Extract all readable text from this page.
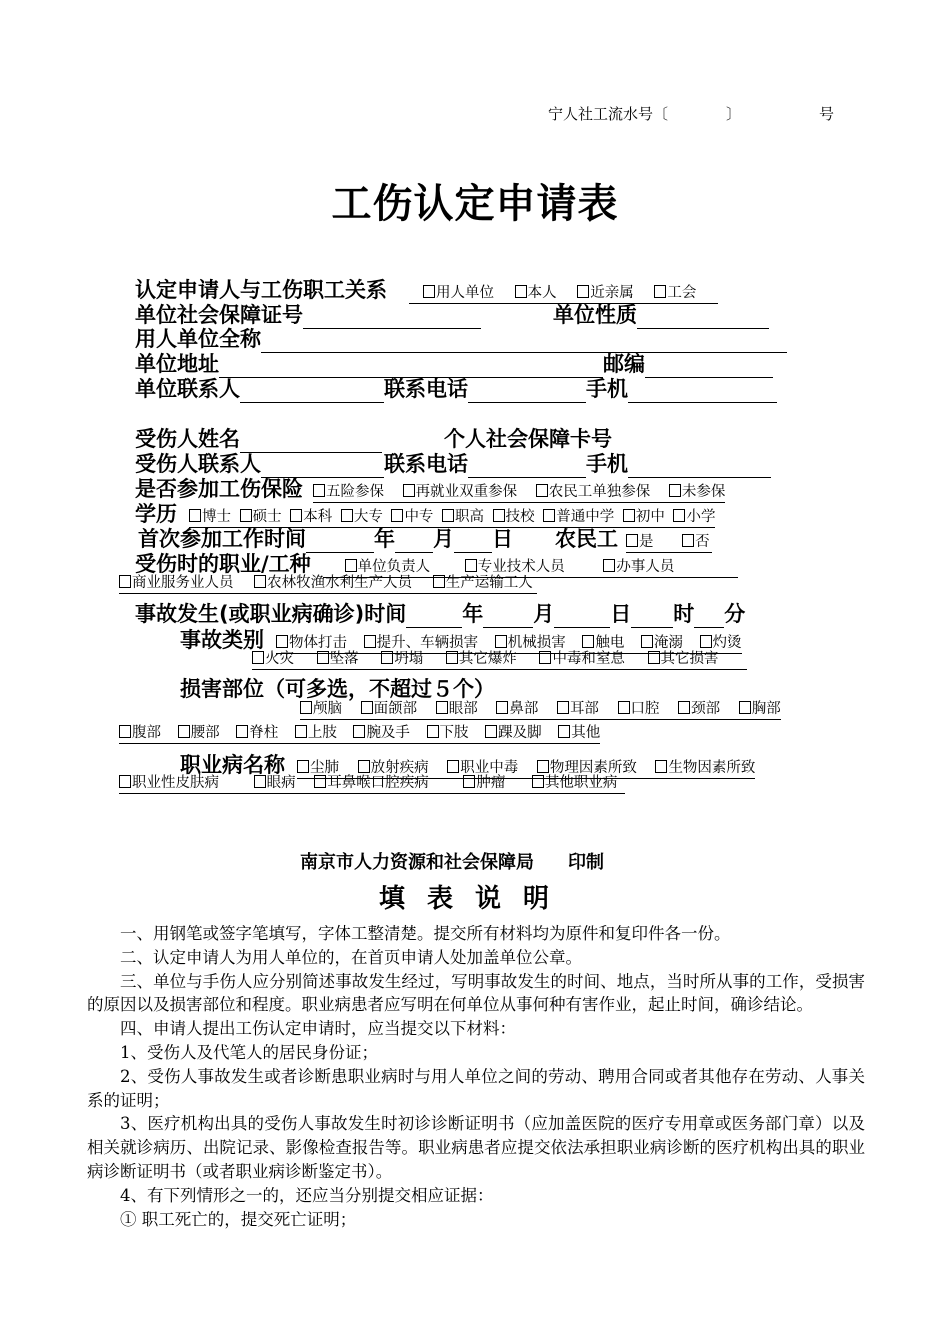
宁人社工流水号〔	〕	号
工伤认定申请表
认定申请人与工伤职工关系	用人单位 本人 近亲属 工会
单位社会保障证号	单位性质
用人单位全称
单位地址	邮编
单位联系人	联系电话	手机
受伤人姓名	个人社会保障卡号
受伤人联系人	联系电话	手机
是否参加工伤保险	五险参保 再就业双重参保 农民工单独参保 未参保
学历	博士 硕士 本科 大专 中专 职高 技校 普通中学 初中 小学
首次参加工作时间	年 月 日 农民工	是	否
受伤时的职业/工种	单位负责人	专业技术人员	办事人员
商业服务业人员 农林牧渔水利生产人员 生产运输工人
事故发生(或职业病确诊)时间	年 月	日 时 分
事故类别	物体打击 提升、车辆损害 机械损害 触电 淹溺 灼烫
火灾 坠落 坍塌 其它爆炸 中毒和窒息 其它损害
损害部位（可多选，不超过５个）
颅脑 面颌部 眼部 鼻部 耳部 口腔 颈部 胸部
腹部 腰部 脊柱 上肢 腕及手 下肢 踝及脚 其他
职业病名称	尘肺 放射疾病 职业中毒 物理因素所致 生物因素所致
职业性皮肤病	眼病 耳鼻喉口腔疾病	肿瘤	其他职业病
南京市人力资源和社会保障局 印制
填表说明

一、用钢笔或签字笔填写，字体工整清楚。提交所有材料均为原件和复印件各一份。

二、认定申请人为用人单位的，在首页申请人处加盖单位公章。

三、单位与手伤人应分别简述事故发生经过，写明事故发生的时间、地点，当时所从事的工作，受损害的原因以及损害部位和程度。职业病患者应写明在何单位从事何种有害作业，起止时间，确诊结论。

四、申请人提出工伤认定申请时，应当提交以下材料：

1、受伤人及代笔人的居民身份证；

2、受伤人事故发生或者诊断患职业病时与用人单位之间的劳动、聘用合同或者其他存在劳动、人事关系的证明；

3、医疗机构出具的受伤人事故发生时初诊诊断证明书（应加盖医院的医疗专用章或医务部门章）以及相关就诊病历、出院记录、影像检查报告等。职业病患者应提交依法承担职业病诊断的医疗机构出具的职业病诊断证明书（或者职业病诊断鉴定书）。

4、有下列情形之一的，还应当分别提交相应证据：

① 职工死亡的，提交死亡证明；
